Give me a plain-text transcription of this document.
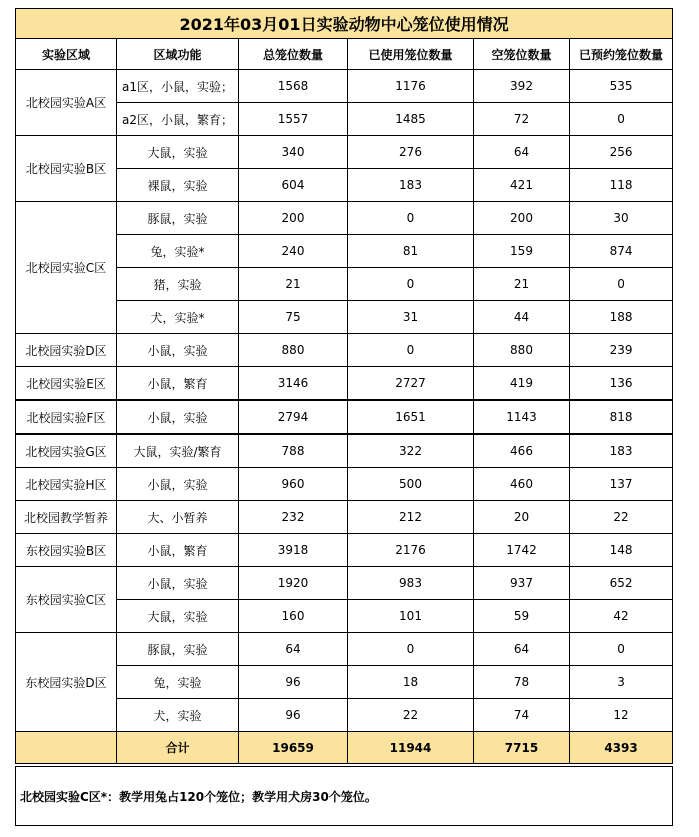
2021年03月01日实验动物中心笼位使用情况					
实验区域	区域功能	总笼位数量	已使用笼位数量	空笼位数量	已预约笼位数量
北校园实验A区	a1区，小鼠，实验；	1568	1176	392	535
	a2区，小鼠，繁育；	1557	1485	72	0
北校园实验B区	大鼠，实验	340	276	64	256
	裸鼠，实验	604	183	421	118
北校园实验C区	豚鼠，实验	200	0	200	30
	兔，实验*	240	81	159	874
	猪，实验	21	0	21	0
	犬，实验*	75	31	44	188
北校园实验D区	小鼠，实验	880	0	880	239
北校园实验E区	小鼠，繁育	3146	2727	419	136
北校园实验F区	小鼠，实验	2794	1651	1143	818
北校园实验G区	大鼠，实验/繁育	788	322	466	183
北校园实验H区	小鼠，实验	960	500	460	137
北校园教学暂养	大、小暂养	232	212	20	22
东校园实验B区	小鼠，繁育	3918	2176	1742	148
东校园实验C区	小鼠，实验	1920	983	937	652
	大鼠，实验	160	101	59	42
东校园实验D区	豚鼠，实验	64	0	64	0
	兔，实验	96	18	78	3
	犬，实验	96	22	74	12
	合计	19659	11944	7715	4393

北校园实验C区*：教学用兔占120个笼位；教学用犬房30个笼位。					
